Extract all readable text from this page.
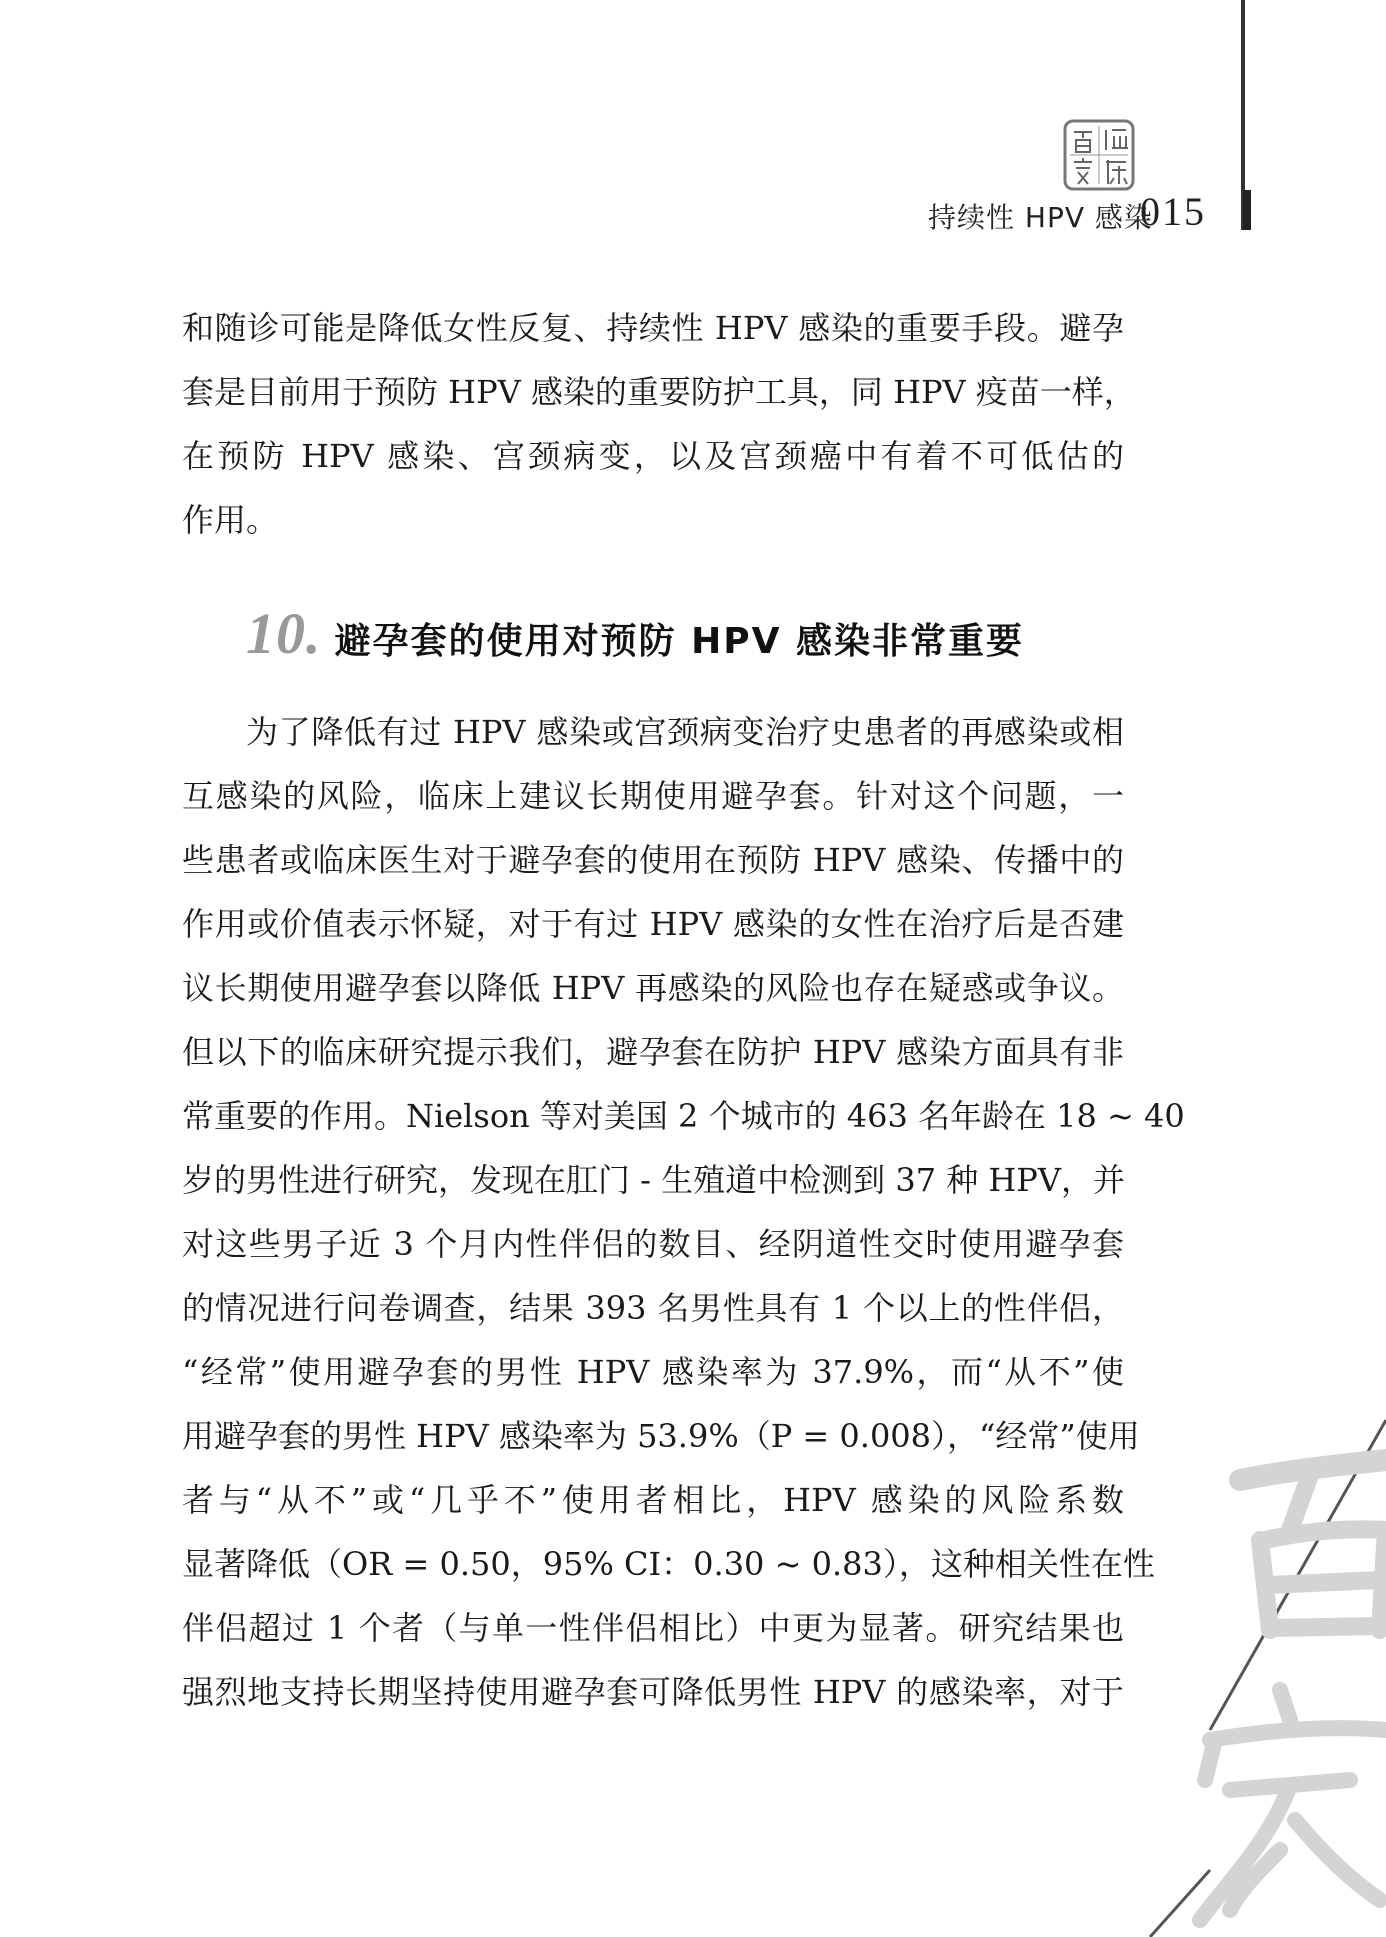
持续性 HPV 感染
015
和随诊可能是降低女性反复、持续性 HPV 感染的重要手段。避孕
套是目前用于预防 HPV 感染的重要防护工具，同 HPV 疫苗一样，
在预防 HPV 感染、宫颈病变，以及宫颈癌中有着不可低估的
作用。
10. 避孕套的使用对预防 HPV 感染非常重要
为了降低有过 HPV 感染或宫颈病变治疗史患者的再感染或相
互感染的风险，临床上建议长期使用避孕套。针对这个问题，一
些患者或临床医生对于避孕套的使用在预防 HPV 感染、传播中的
作用或价值表示怀疑，对于有过 HPV 感染的女性在治疗后是否建
议长期使用避孕套以降低 HPV 再感染的风险也存在疑惑或争议。
但以下的临床研究提示我们，避孕套在防护 HPV 感染方面具有非
常重要的作用。Nielson 等对美国 2 个城市的 463 名年龄在 18 ~ 40
岁的男性进行研究，发现在肛门 - 生殖道中检测到 37 种 HPV，并
对这些男子近 3 个月内性伴侣的数目、经阴道性交时使用避孕套
的情况进行问卷调查，结果 393 名男性具有 1 个以上的性伴侣，
“经常”使用避孕套的男性 HPV 感染率为 37.9%，而“从不”使
用避孕套的男性 HPV 感染率为 53.9%（P = 0.008），“经常”使用
者与“从不”或“几乎不”使用者相比，HPV 感染的风险系数
显著降低（OR = 0.50，95% CI：0.30 ~ 0.83），这种相关性在性
伴侣超过 1 个者（与单一性伴侣相比）中更为显著。研究结果也
强烈地支持长期坚持使用避孕套可降低男性 HPV 的感染率，对于
